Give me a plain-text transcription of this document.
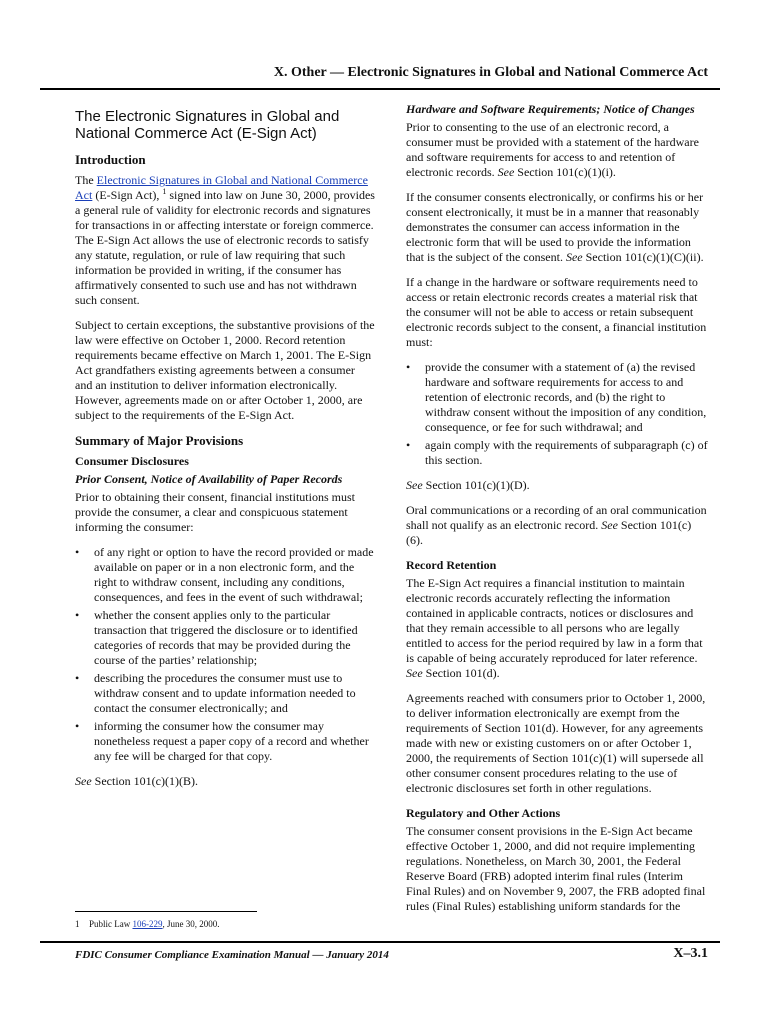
X. Other — Electronic Signatures in Global and National Commerce Act
The Electronic Signatures in Global and National Commerce Act (E-Sign Act)
Introduction

The Electronic Signatures in Global and National Commerce Act (E-Sign Act), $^1$ signed into law on June 30, 2000, provides a general rule of validity for electronic records and signatures for transactions in or affecting interstate or foreign commerce. The E-Sign Act allows the use of electronic records to satisfy any statute, regulation, or rule of law requiring that such information be provided in writing, if the consumer has affirmatively consented to such use and has not withdrawn such consent.

Subject to certain exceptions, the substantive provisions of the law were effective on October 1, 2000. Record retention requirements became effective on March 1, 2001. The E-Sign Act grandfathers existing agreements between a consumer and an institution to deliver information electronically. However, agreements made on or after October 1, 2000, are subject to the requirements of the E-Sign Act.

Summary of Major Provisions
Consumer Disclosures
Prior Consent, Notice of Availability of Paper Records

Prior to obtaining their consent, financial institutions must provide the consumer, a clear and conspicuous statement informing the consumer:

• of any right or option to have the record provided or made available on paper or in a non electronic form, and the right to withdraw consent, including any conditions, consequences, and fees in the event of such withdrawal;
• whether the consent applies only to the particular transaction that triggered the disclosure or to identified categories of records that may be provided during the course of the parties’ relationship;
• describing the procedures the consumer must use to withdraw consent and to update information needed to contact the consumer electronically; and
• informing the consumer how the consumer may nonetheless request a paper copy of a record and whether any fee will be charged for that copy.

See Section 101(c)(1)(B).

Hardware and Software Requirements; Notice of Changes

Prior to consenting to the use of an electronic record, a consumer must be provided with a statement of the hardware and software requirements for access to and retention of electronic records. See Section 101(c)(1)(i).

If the consumer consents electronically, or confirms his or her consent electronically, it must be in a manner that reasonably demonstrates the consumer can access information in the electronic form that will be used to provide the information that is the subject of the consent. See Section 101(c)(1)(C)(ii).

If a change in the hardware or software requirements need to access or retain electronic records creates a material risk that the consumer will not be able to access or retain subsequent electronic records subject to the consent, a financial institution must:

• provide the consumer with a statement of (a) the revised hardware and software requirements for access to and retention of electronic records, and (b) the right to withdraw consent without the imposition of any condition, consequence, or fee for such withdrawal; and
• again comply with the requirements of subparagraph (c) of this section.

See Section 101(c)(1)(D).

Oral communications or a recording of an oral communication shall not qualify as an electronic record. See Section 101(c)(6).

Record Retention

The E-Sign Act requires a financial institution to maintain electronic records accurately reflecting the information contained in applicable contracts, notices or disclosures and that they remain accessible to all persons who are legally entitled to access for the period required by law in a form that is capable of being accurately reproduced for later reference. See Section 101(d).

Agreements reached with consumers prior to October 1, 2000, to deliver information electronically are exempt from the requirements of Section 101(d). However, for any agreements made with new or existing customers on or after October 1, 2000, the requirements of Section 101(c)(1) will supersede all other consumer consent procedures relating to the use of electronic disclosures set forth in other regulations.

Regulatory and Other Actions

The consumer consent provisions in the E-Sign Act became effective October 1, 2000, and did not require implementing regulations. Nonetheless, on March 30, 2001, the Federal Reserve Board (FRB) adopted interim final rules (Interim Final Rules) and on November 9, 2007, the FRB adopted final rules (Final Rules) establishing uniform standards for the

1 Public Law 106-229, June 30, 2000.
FDIC Consumer Compliance Examination Manual — January 2014	X–3.1
